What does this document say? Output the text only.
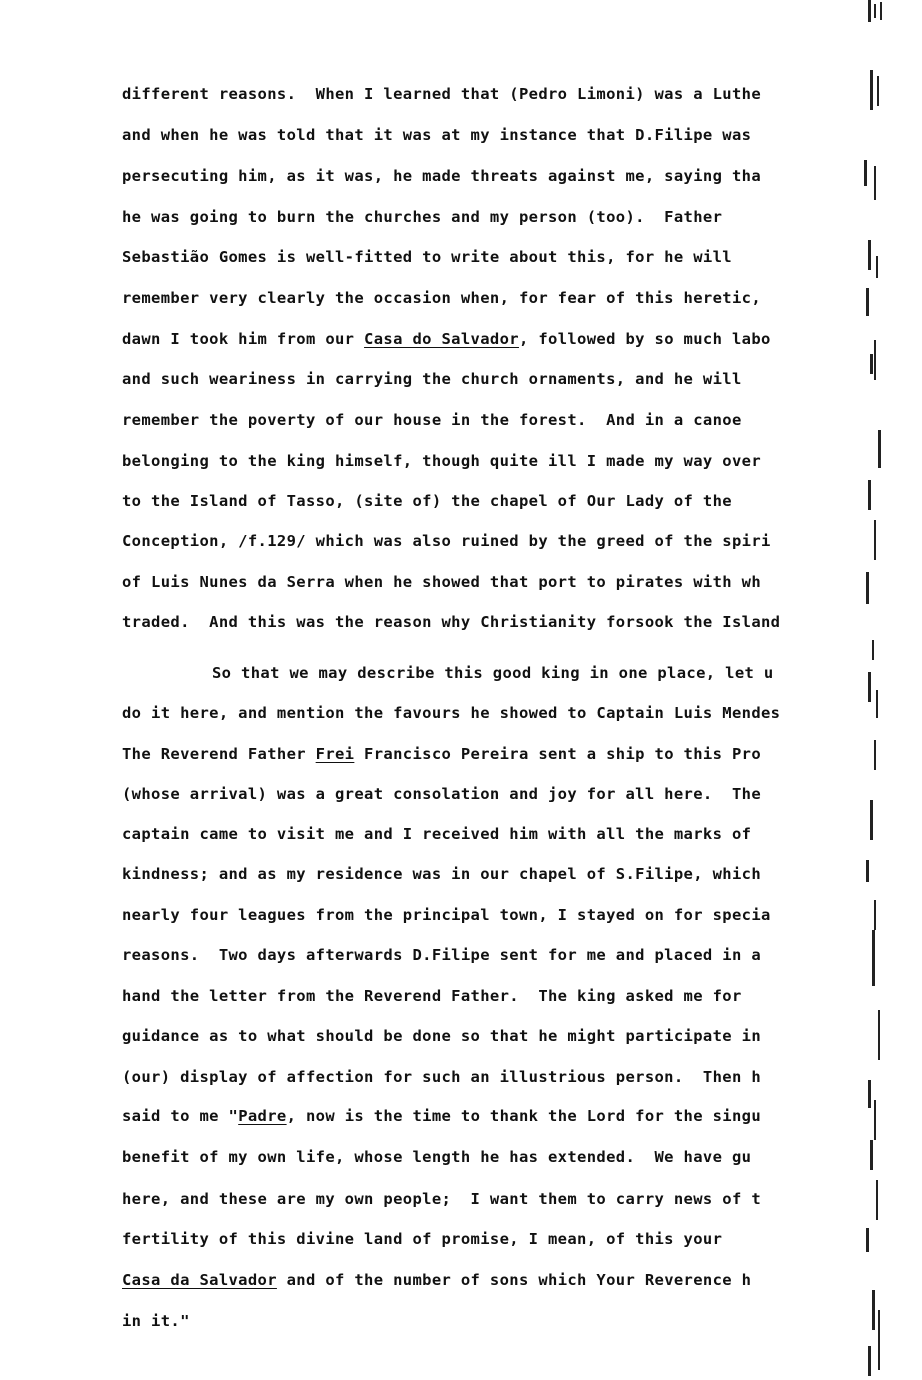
different reasons.  When I learned that (Pedro Limoni) was a Luthe
and when he was told that it was at my instance that D.Filipe was
persecuting him, as it was, he made threats against me, saying tha
he was going to burn the churches and my person (too).  Father
Sebastião Gomes is well-fitted to write about this, for he will
remember very clearly the occasion when, for fear of this heretic,
dawn I took him from our Casa do Salvador, followed by so much labo
and such weariness in carrying the church ornaments, and he will
remember the poverty of our house in the forest.  And in a canoe
belonging to the king himself, though quite ill I made my way over
to the Island of Tasso, (site of) the chapel of Our Lady of the
Conception, /f.129/ which was also ruined by the greed of the spiri
of Luis Nunes da Serra when he showed that port to pirates with wh
traded.  And this was the reason why Christianity forsook the Island
So that we may describe this good king in one place, let u
do it here, and mention the favours he showed to Captain Luis Mendes
The Reverend Father Frei Francisco Pereira sent a ship to this Pro
(whose arrival) was a great consolation and joy for all here.  The
captain came to visit me and I received him with all the marks of
kindness; and as my residence was in our chapel of S.Filipe, which
nearly four leagues from the principal town, I stayed on for specia
reasons.  Two days afterwards D.Filipe sent for me and placed in a
hand the letter from the Reverend Father.  The king asked me for
guidance as to what should be done so that he might participate in
(our) display of affection for such an illustrious person.  Then h
said to me "Padre, now is the time to thank the Lord for the singu
benefit of my own life, whose length he has extended.  We have gu
here, and these are my own people;  I want them to carry news of t
fertility of this divine land of promise, I mean, of this your
Casa da Salvador and of the number of sons which Your Reverence h
in it."
